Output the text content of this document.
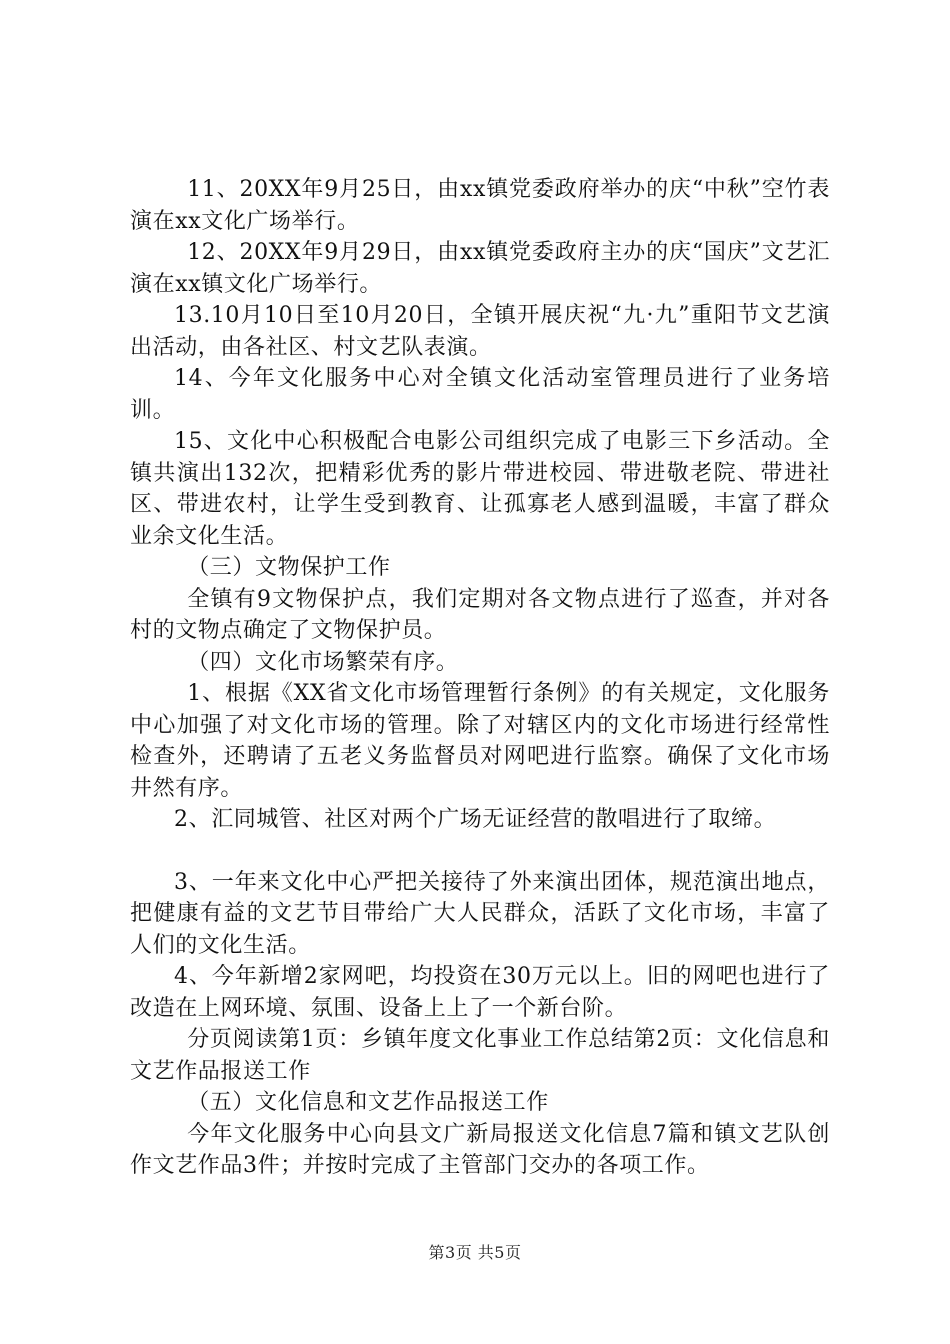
11、20XX年9月25日，由xx镇党委政府举办的庆“中秋”空竹表演在xx文化广场举行。

12、20XX年9月29日，由xx镇党委政府主办的庆“国庆”文艺汇演在xx镇文化广场举行。

13.10月10日至10月20日，全镇开展庆祝“九·九”重阳节文艺演出活动，由各社区、村文艺队表演。

14、今年文化服务中心对全镇文化活动室管理员进行了业务培训。

15、文化中心积极配合电影公司组织完成了电影三下乡活动。全镇共演出132次，把精彩优秀的影片带进校园、带进敬老院、带进社区、带进农村，让学生受到教育、让孤寡老人感到温暖，丰富了群众业余文化生活。

（三）文物保护工作

全镇有9文物保护点，我们定期对各文物点进行了巡查，并对各村的文物点确定了文物保护员。

（四）文化市场繁荣有序。

1、根据《XX省文化市场管理暂行条例》的有关规定，文化服务中心加强了对文化市场的管理。除了对辖区内的文化市场进行经常性检查外，还聘请了五老义务监督员对网吧进行监察。确保了文化市场井然有序。

2、汇同城管、社区对两个广场无证经营的散唱进行了取缔。

3、一年来文化中心严把关接待了外来演出团体，规范演出地点，把健康有益的文艺节目带给广大人民群众，活跃了文化市场，丰富了人们的文化生活。

4、今年新增2家网吧，均投资在30万元以上。旧的网吧也进行了改造在上网环境、氛围、设备上上了一个新台阶。

分页阅读第1页：乡镇年度文化事业工作总结第2页：文化信息和文艺作品报送工作

（五）文化信息和文艺作品报送工作

今年文化服务中心向县文广新局报送文化信息7篇和镇文艺队创作文艺作品3件；并按时完成了主管部门交办的各项工作。

第3页 共5页
